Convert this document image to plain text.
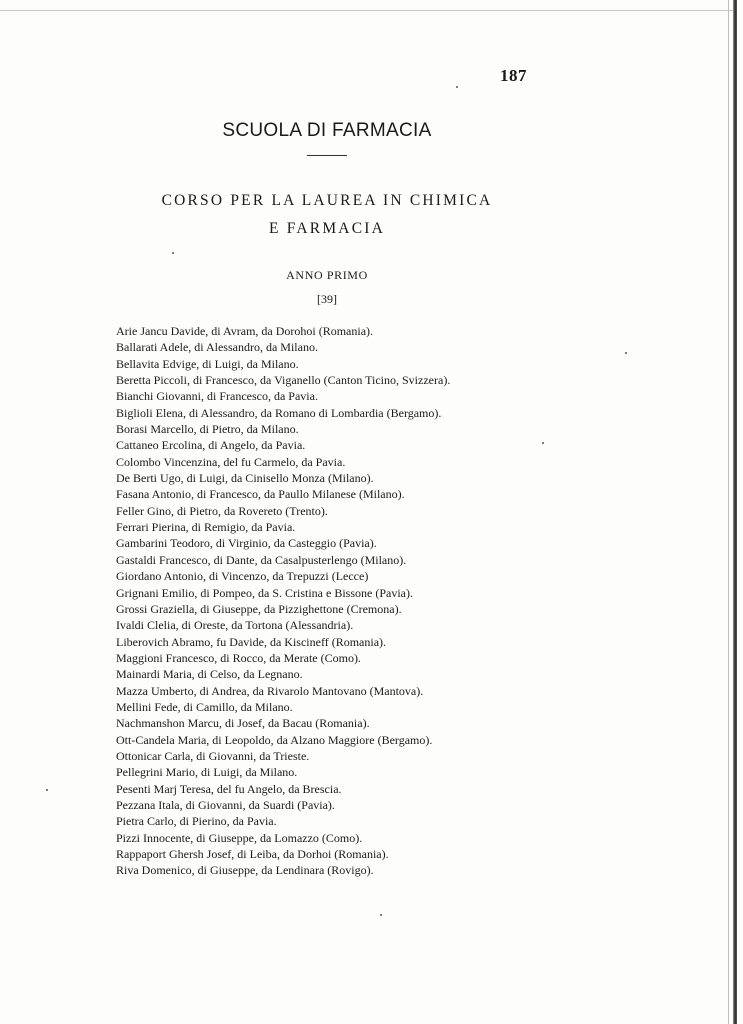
187
SCUOLA DI FARMACIA
CORSO PER LA LAUREA IN CHIMICA
E FARMACIA
ANNO PRIMO
[39]
Arie Jancu Davide, di Avram, da Dorohoi (Romania).
Ballarati Adele, di Alessandro, da Milano.
Bellavita Edvige, di Luigi, da Milano.
Beretta Piccoli, di Francesco, da Viganello (Canton Ticino, Svizzera).
Bianchi Giovanni, di Francesco, da Pavia.
Biglioli Elena, di Alessandro, da Romano di Lombardia (Bergamo).
Borasi Marcello, di Pietro, da Milano.
Cattaneo Ercolina, di Angelo, da Pavia.
Colombo Vincenzina, del fu Carmelo, da Pavia.
De Berti Ugo, di Luigi, da Cinisello Monza (Milano).
Fasana Antonio, di Francesco, da Paullo Milanese (Milano).
Feller Gino, di Pietro, da Rovereto (Trento).
Ferrari Pierina, di Remigio, da Pavia.
Gambarini Teodoro, di Virginio, da Casteggio (Pavia).
Gastaldi Francesco, di Dante, da Casalpusterlengo (Milano).
Giordano Antonio, di Vincenzo, da Trepuzzi (Lecce)
Grignani Emilio, di Pompeo, da S. Cristina e Bissone (Pavia).
Grossi Graziella, di Giuseppe, da Pizzighettone (Cremona).
Ivaldi Clelia, di Oreste, da Tortona (Alessandria).
Liberovich Abramo, fu Davide, da Kiscineff (Romania).
Maggioni Francesco, di Rocco, da Merate (Como).
Mainardi Maria, di Celso, da Legnano.
Mazza Umberto, di Andrea, da Rivarolo Mantovano (Mantova).
Mellini Fede, di Camillo, da Milano.
Nachmanshon Marcu, di Josef, da Bacau (Romania).
Ott-Candela Maria, di Leopoldo, da Alzano Maggiore (Bergamo).
Ottonicar Carla, di Giovanni, da Trieste.
Pellegrini Mario, di Luigi, da Milano.
Pesenti Marj Teresa, del fu Angelo, da Brescia.
Pezzana Itala, di Giovanni, da Suardi (Pavia).
Pietra Carlo, di Pierino, da Pavia.
Pizzi Innocente, di Giuseppe, da Lomazzo (Como).
Rappaport Ghersh Josef, di Leiba, da Dorhoi (Romania).
Riva Domenico, di Giuseppe, da Lendinara (Rovigo).
